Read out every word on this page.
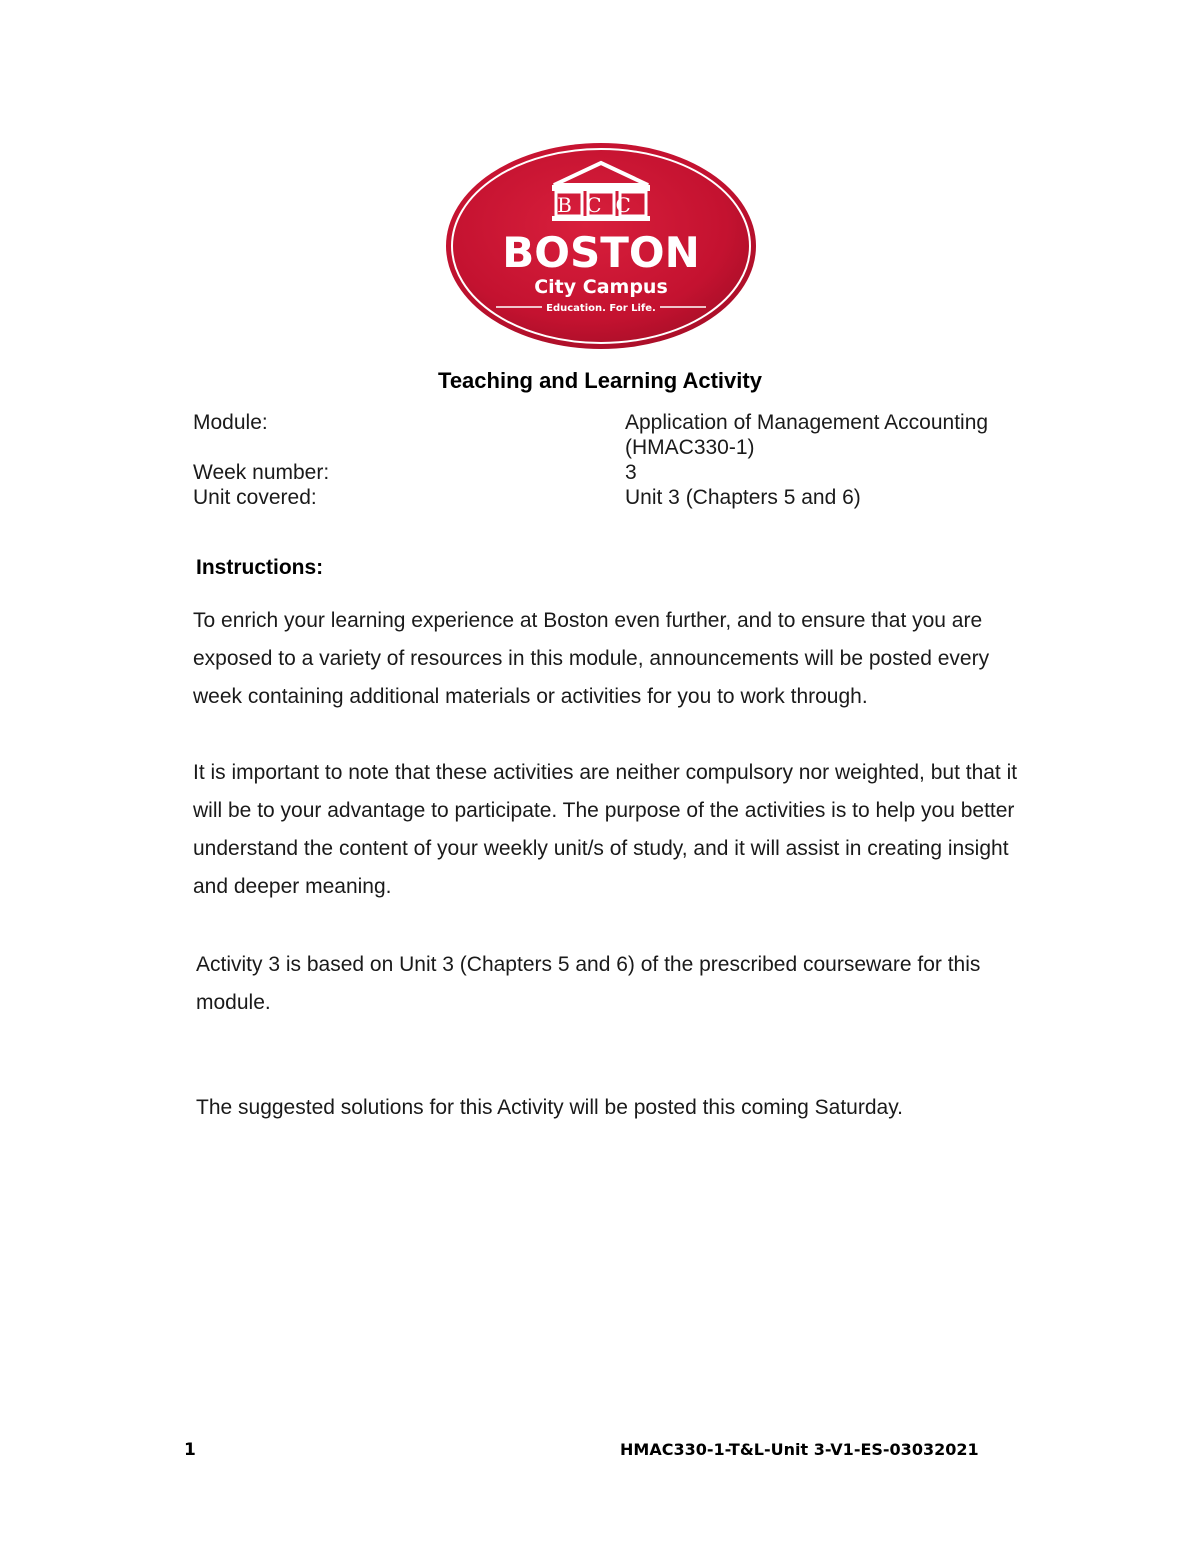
BCC
BOSTON
City Campus
Education. For Life.
Teaching and Learning Activity
Module:	Application of Management Accounting (HMAC330-1)
Week number:	3
Unit covered:	Unit 3 (Chapters 5 and 6)
Instructions:
To enrich your learning experience at Boston even further, and to ensure that you are exposed to a variety of resources in this module, announcements will be posted every week containing additional materials or activities for you to work through.
It is important to note that these activities are neither compulsory nor weighted, but that it will be to your advantage to participate. The purpose of the activities is to help you better understand the content of your weekly unit/s of study, and it will assist in creating insight and deeper meaning.
Activity 3 is based on Unit 3 (Chapters 5 and 6) of the prescribed courseware for this module.
The suggested solutions for this Activity will be posted this coming Saturday.
1	HMAC330-1-T&L-Unit 3-V1-ES-03032021
